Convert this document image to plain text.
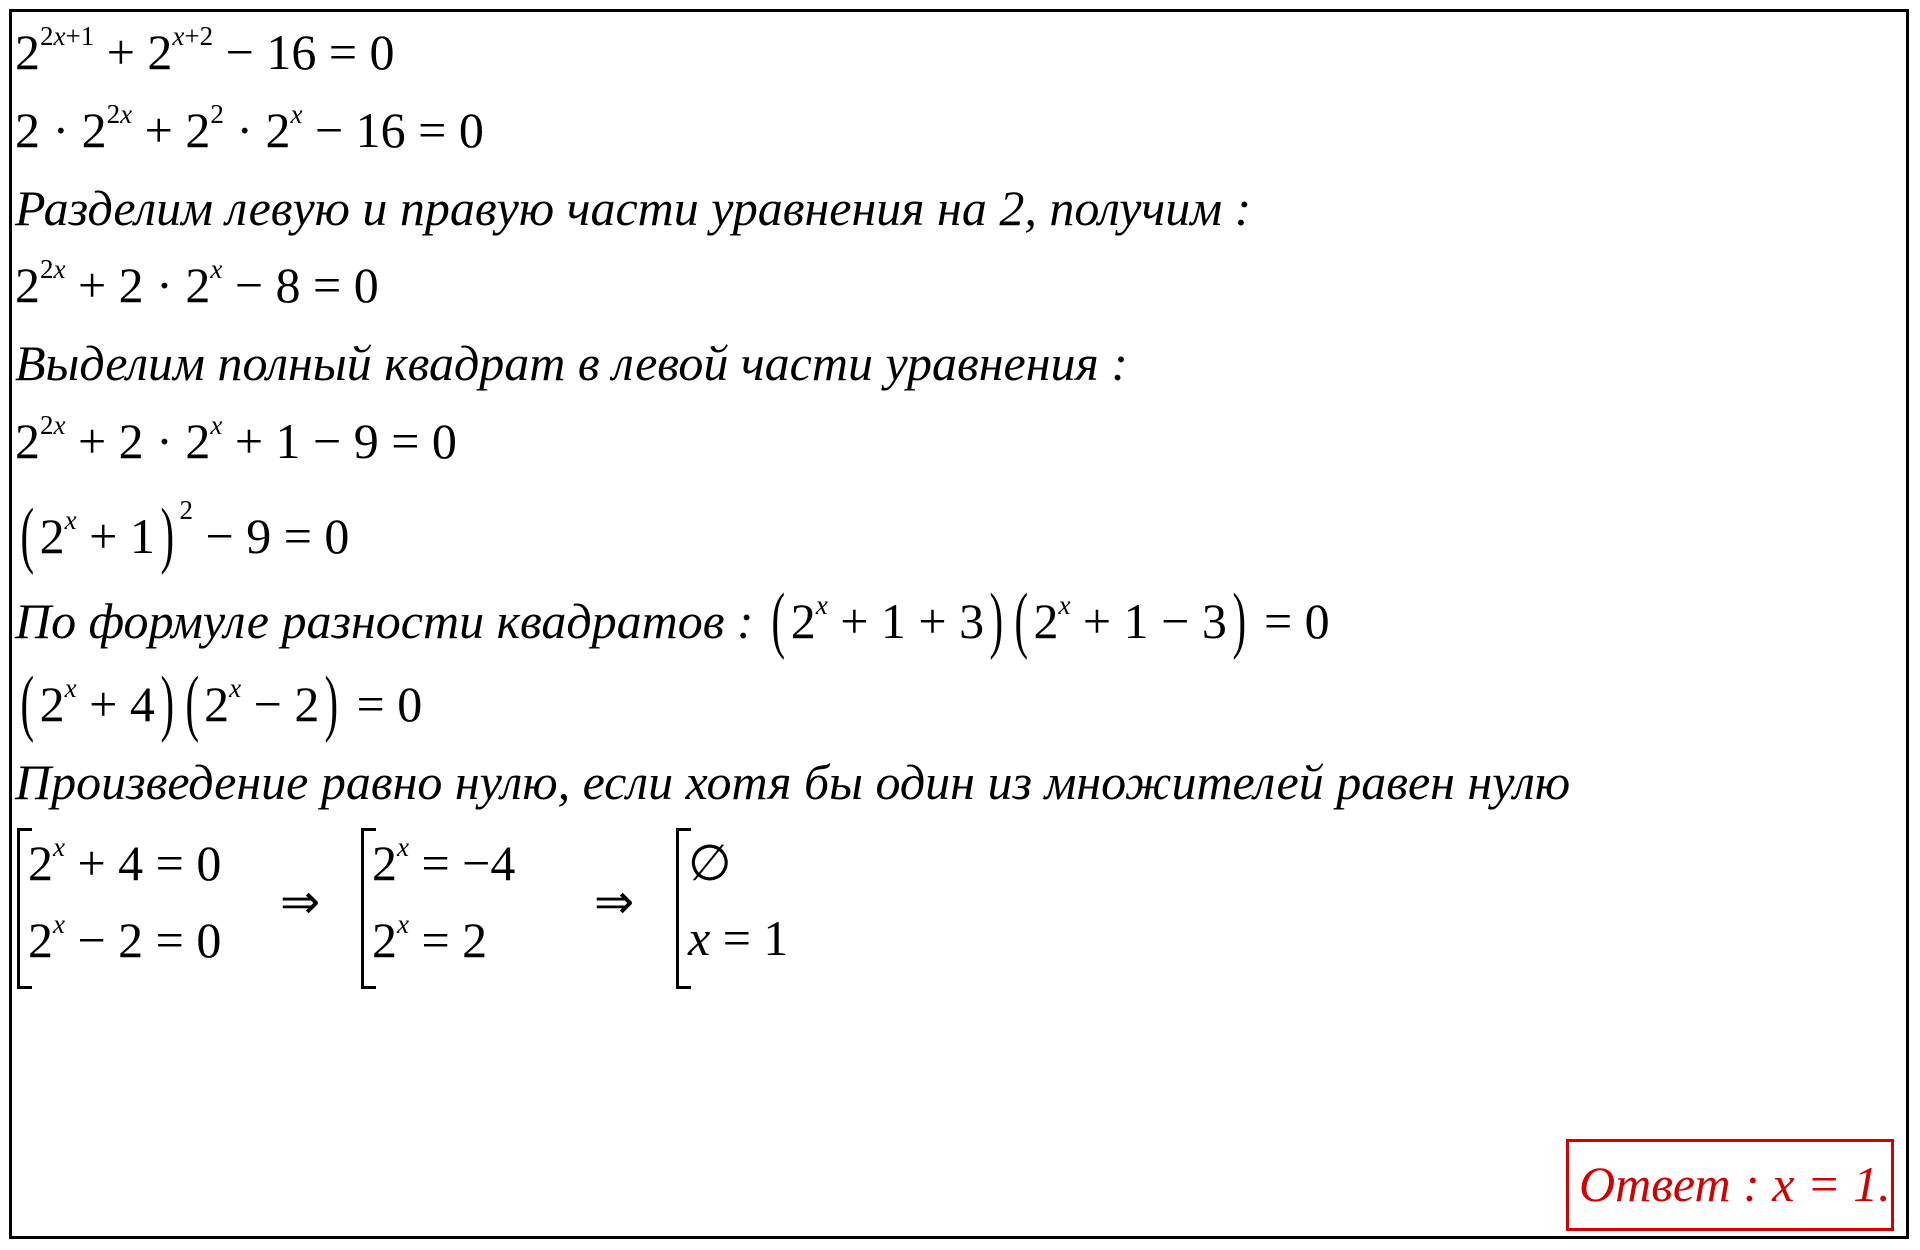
$2^{2x+1} + 2^{x+2} - 16 = 0$
$2 \cdot 2^{2x} + 2^2 \cdot 2^x - 16 = 0$
Разделим левую и правую части уравнения на 2, получим :
$2^{2x} + 2 \cdot 2^x - 8 = 0$
Выделим полный квадрат в левой части уравнения :
$2^{2x} + 2 \cdot 2^x + 1 - 9 = 0$
( $2^x + 1$) $^2$ − 9 = 0
По формуле разности квадратов : ( $2^x + 1 + 3$) ( $2^x + 1 - 3) = 0$
( $2^x + 4$) ( $2^x - 2) = 0$
Произведение равно нулю, если хотя бы один из множителей равен нулю
$2^x + 4 = 0$
$2^x - 2 = 0$
⇒
$2^x = -4$
$2^x = 2$
⇒
∅
x = 1
Ответ : x = 1.
